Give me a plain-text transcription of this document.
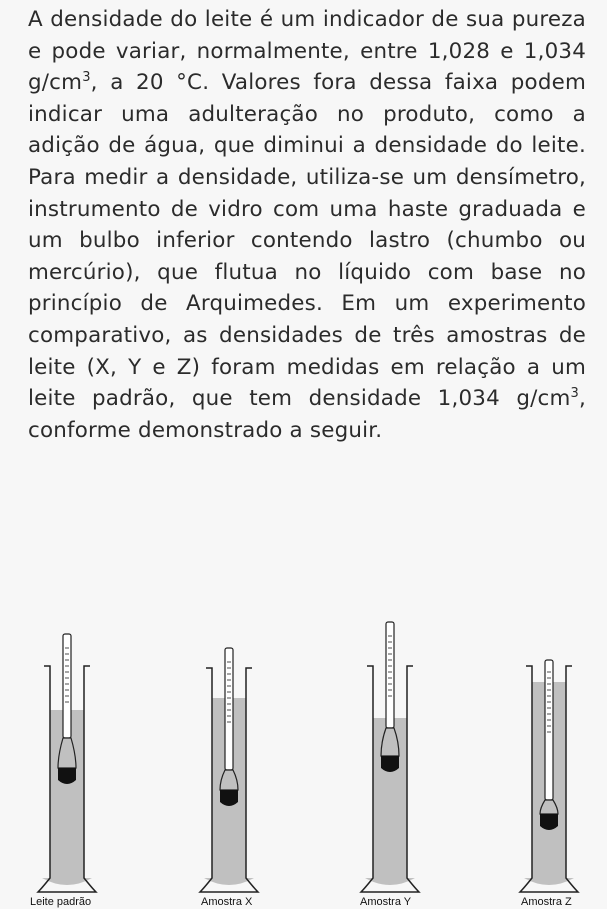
A densidade do leite é um indicador de sua pureza e pode variar, normalmente, entre 1,028 e 1,034 $g/cm^3$, a 20 °C. Valores fora dessa faixa podem indicar uma adulteração no produto, como a adição de água, que diminui a densidade do leite. Para medir a densidade, utiliza-se um densímetro, instrumento de vidro com uma haste graduada e um bulbo inferior contendo lastro (chumbo ou mercúrio), que flutua no líquido com base no princípio de Arquimedes. Em um experimento comparativo, as densidades de três amostras de leite (X, Y e Z) foram medidas em relação a um leite padrão, que tem densidade 1,034 $g/cm^3$, conforme demonstrado a seguir.
Leite padrão	Amostra X	Amostra Y	Amostra Z
